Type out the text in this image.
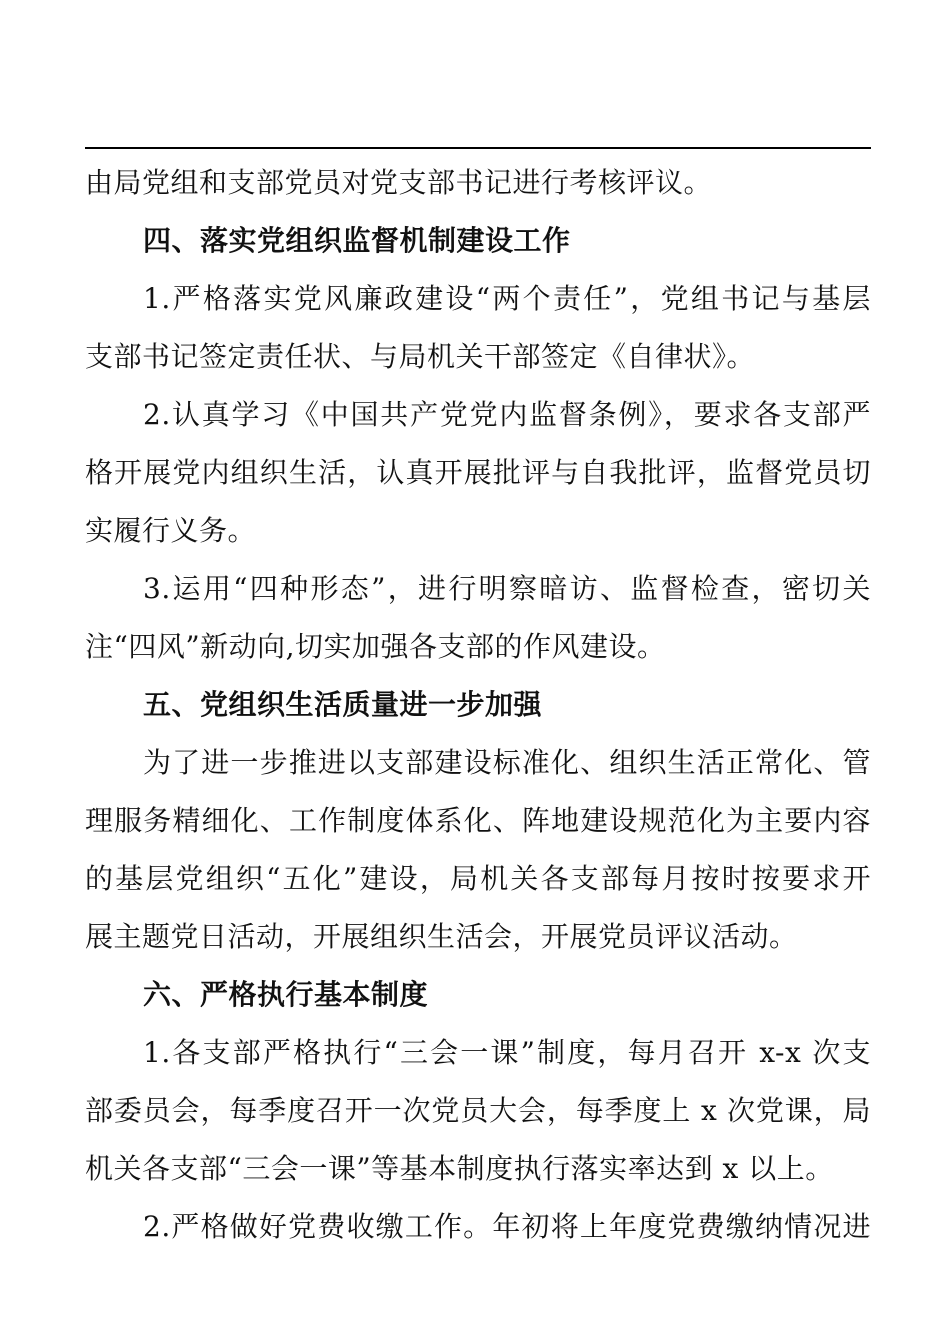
由局党组和支部党员对党支部书记进行考核评议。
四、落实党组织监督机制建设工作
1.严格落实党风廉政建设“两个责任”，党组书记与基层
支部书记签定责任状、与局机关干部签定《自律状》。
2.认真学习《中国共产党党内监督条例》，要求各支部严
格开展党内组织生活，认真开展批评与自我批评，监督党员切
实履行义务。
3.运用“四种形态”，进行明察暗访、监督检查，密切关
注“四风”新动向,切实加强各支部的作风建设。
五、党组织生活质量进一步加强
为了进一步推进以支部建设标准化、组织生活正常化、管
理服务精细化、工作制度体系化、阵地建设规范化为主要内容
的基层党组织“五化”建设，局机关各支部每月按时按要求开
展主题党日活动，开展组织生活会，开展党员评议活动。
六、严格执行基本制度
1.各支部严格执行“三会一课”制度，每月召开 x-x 次支
部委员会，每季度召开一次党员大会，每季度上 x 次党课，局
机关各支部“三会一课”等基本制度执行落实率达到 x 以上。
2.严格做好党费收缴工作。年初将上年度党费缴纳情况进
